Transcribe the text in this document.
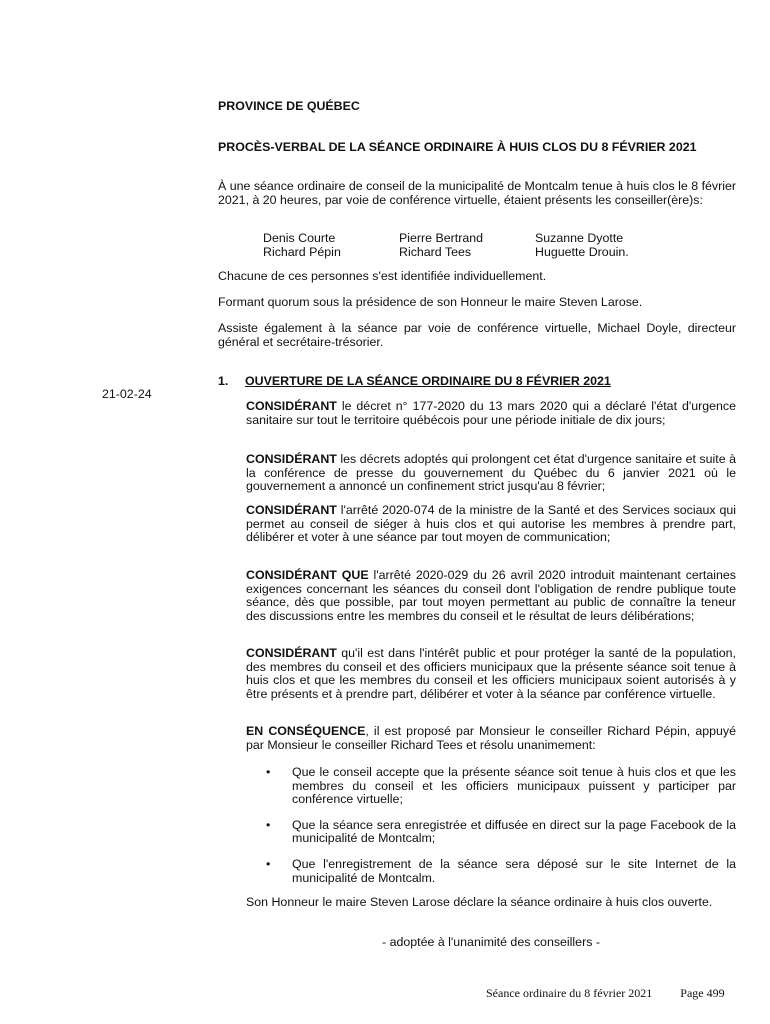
PROVINCE DE QUÉBEC
PROCÈS-VERBAL DE LA SÉANCE ORDINAIRE À HUIS CLOS DU 8 FÉVRIER 2021
À une séance ordinaire de conseil de la municipalité de Montcalm tenue à huis clos le 8 février 2021, à 20 heures, par voie de conférence virtuelle, étaient présents les conseiller(ère)s:
Denis Courte	Pierre Bertrand	Suzanne Dyotte
Richard Pépin	Richard Tees	Huguette Drouin.
Chacune de ces personnes s'est identifiée individuellement.
Formant quorum sous la présidence de son Honneur le maire Steven Larose.
Assiste également à la séance par voie de conférence virtuelle, Michael Doyle, directeur général et secrétaire-trésorier.
1. OUVERTURE DE LA SÉANCE ORDINAIRE DU 8 FÉVRIER 2021
21-02-24
CONSIDÉRANT le décret n° 177-2020 du 13 mars 2020 qui a déclaré l'état d'urgence sanitaire sur tout le territoire québécois pour une période initiale de dix jours;
CONSIDÉRANT les décrets adoptés qui prolongent cet état d'urgence sanitaire et suite à la conférence de presse du gouvernement du Québec du 6 janvier 2021 où le gouvernement a annoncé un confinement strict jusqu'au 8 février;
CONSIDÉRANT l'arrêté 2020-074 de la ministre de la Santé et des Services sociaux qui permet au conseil de siéger à huis clos et qui autorise les membres à prendre part, délibérer et voter à une séance par tout moyen de communication;
CONSIDÉRANT QUE l'arrêté 2020-029 du 26 avril 2020 introduit maintenant certaines exigences concernant les séances du conseil dont l'obligation de rendre publique toute séance, dès que possible, par tout moyen permettant au public de connaître la teneur des discussions entre les membres du conseil et le résultat de leurs délibérations;
CONSIDÉRANT qu'il est dans l'intérêt public et pour protéger la santé de la population, des membres du conseil et des officiers municipaux que la présente séance soit tenue à huis clos et que les membres du conseil et les officiers municipaux soient autorisés à y être présents et à prendre part, délibérer et voter à la séance par conférence virtuelle.
EN CONSÉQUENCE, il est proposé par Monsieur le conseiller Richard Pépin, appuyé par Monsieur le conseiller Richard Tees et résolu unanimement:
• Que le conseil accepte que la présente séance soit tenue à huis clos et que les membres du conseil et les officiers municipaux puissent y participer par conférence virtuelle;
• Que la séance sera enregistrée et diffusée en direct sur la page Facebook de la municipalité de Montcalm;
• Que l'enregistrement de la séance sera déposé sur le site Internet de la municipalité de Montcalm.
Son Honneur le maire Steven Larose déclare la séance ordinaire à huis clos ouverte.
- adoptée à l'unanimité des conseillers -
Séance ordinaire du 8 février 2021 Page 499
